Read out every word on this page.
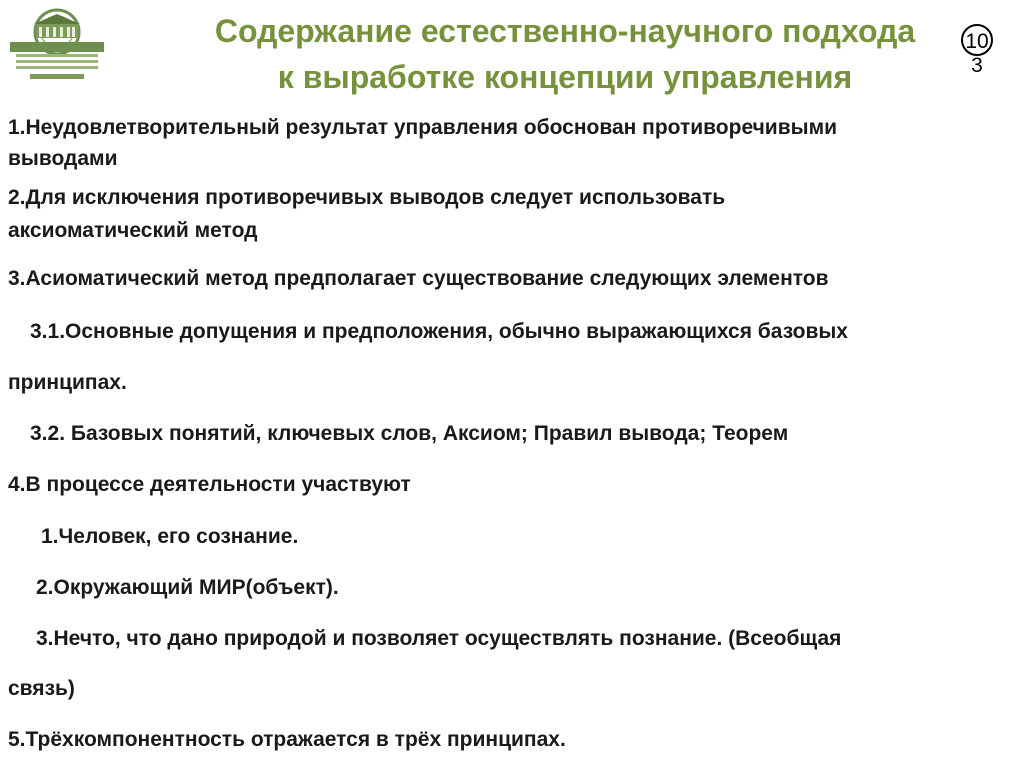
Содержание естественно-научного подхода
к выработке концепции управления
10
3
1.Неудовлетворительный результат управления обоснован противоречивыми
выводами
2.Для исключения противоречивых выводов следует использовать
аксиоматический метод
3.Асиоматический метод предполагает существование следующих элементов
3.1.Основные допущения и предположения, обычно выражающихся базовых
принципах.
3.2. Базовых понятий, ключевых слов, Аксиом; Правил вывода; Теорем
4.В процессе деятельности участвуют
1.Человек, его сознание.
2.Окружающий МИР(объект).
3.Нечто, что дано природой и позволяет осуществлять познание. (Всеобщая
связь)
5.Трёхкомпонентность отражается в трёх принципах.
